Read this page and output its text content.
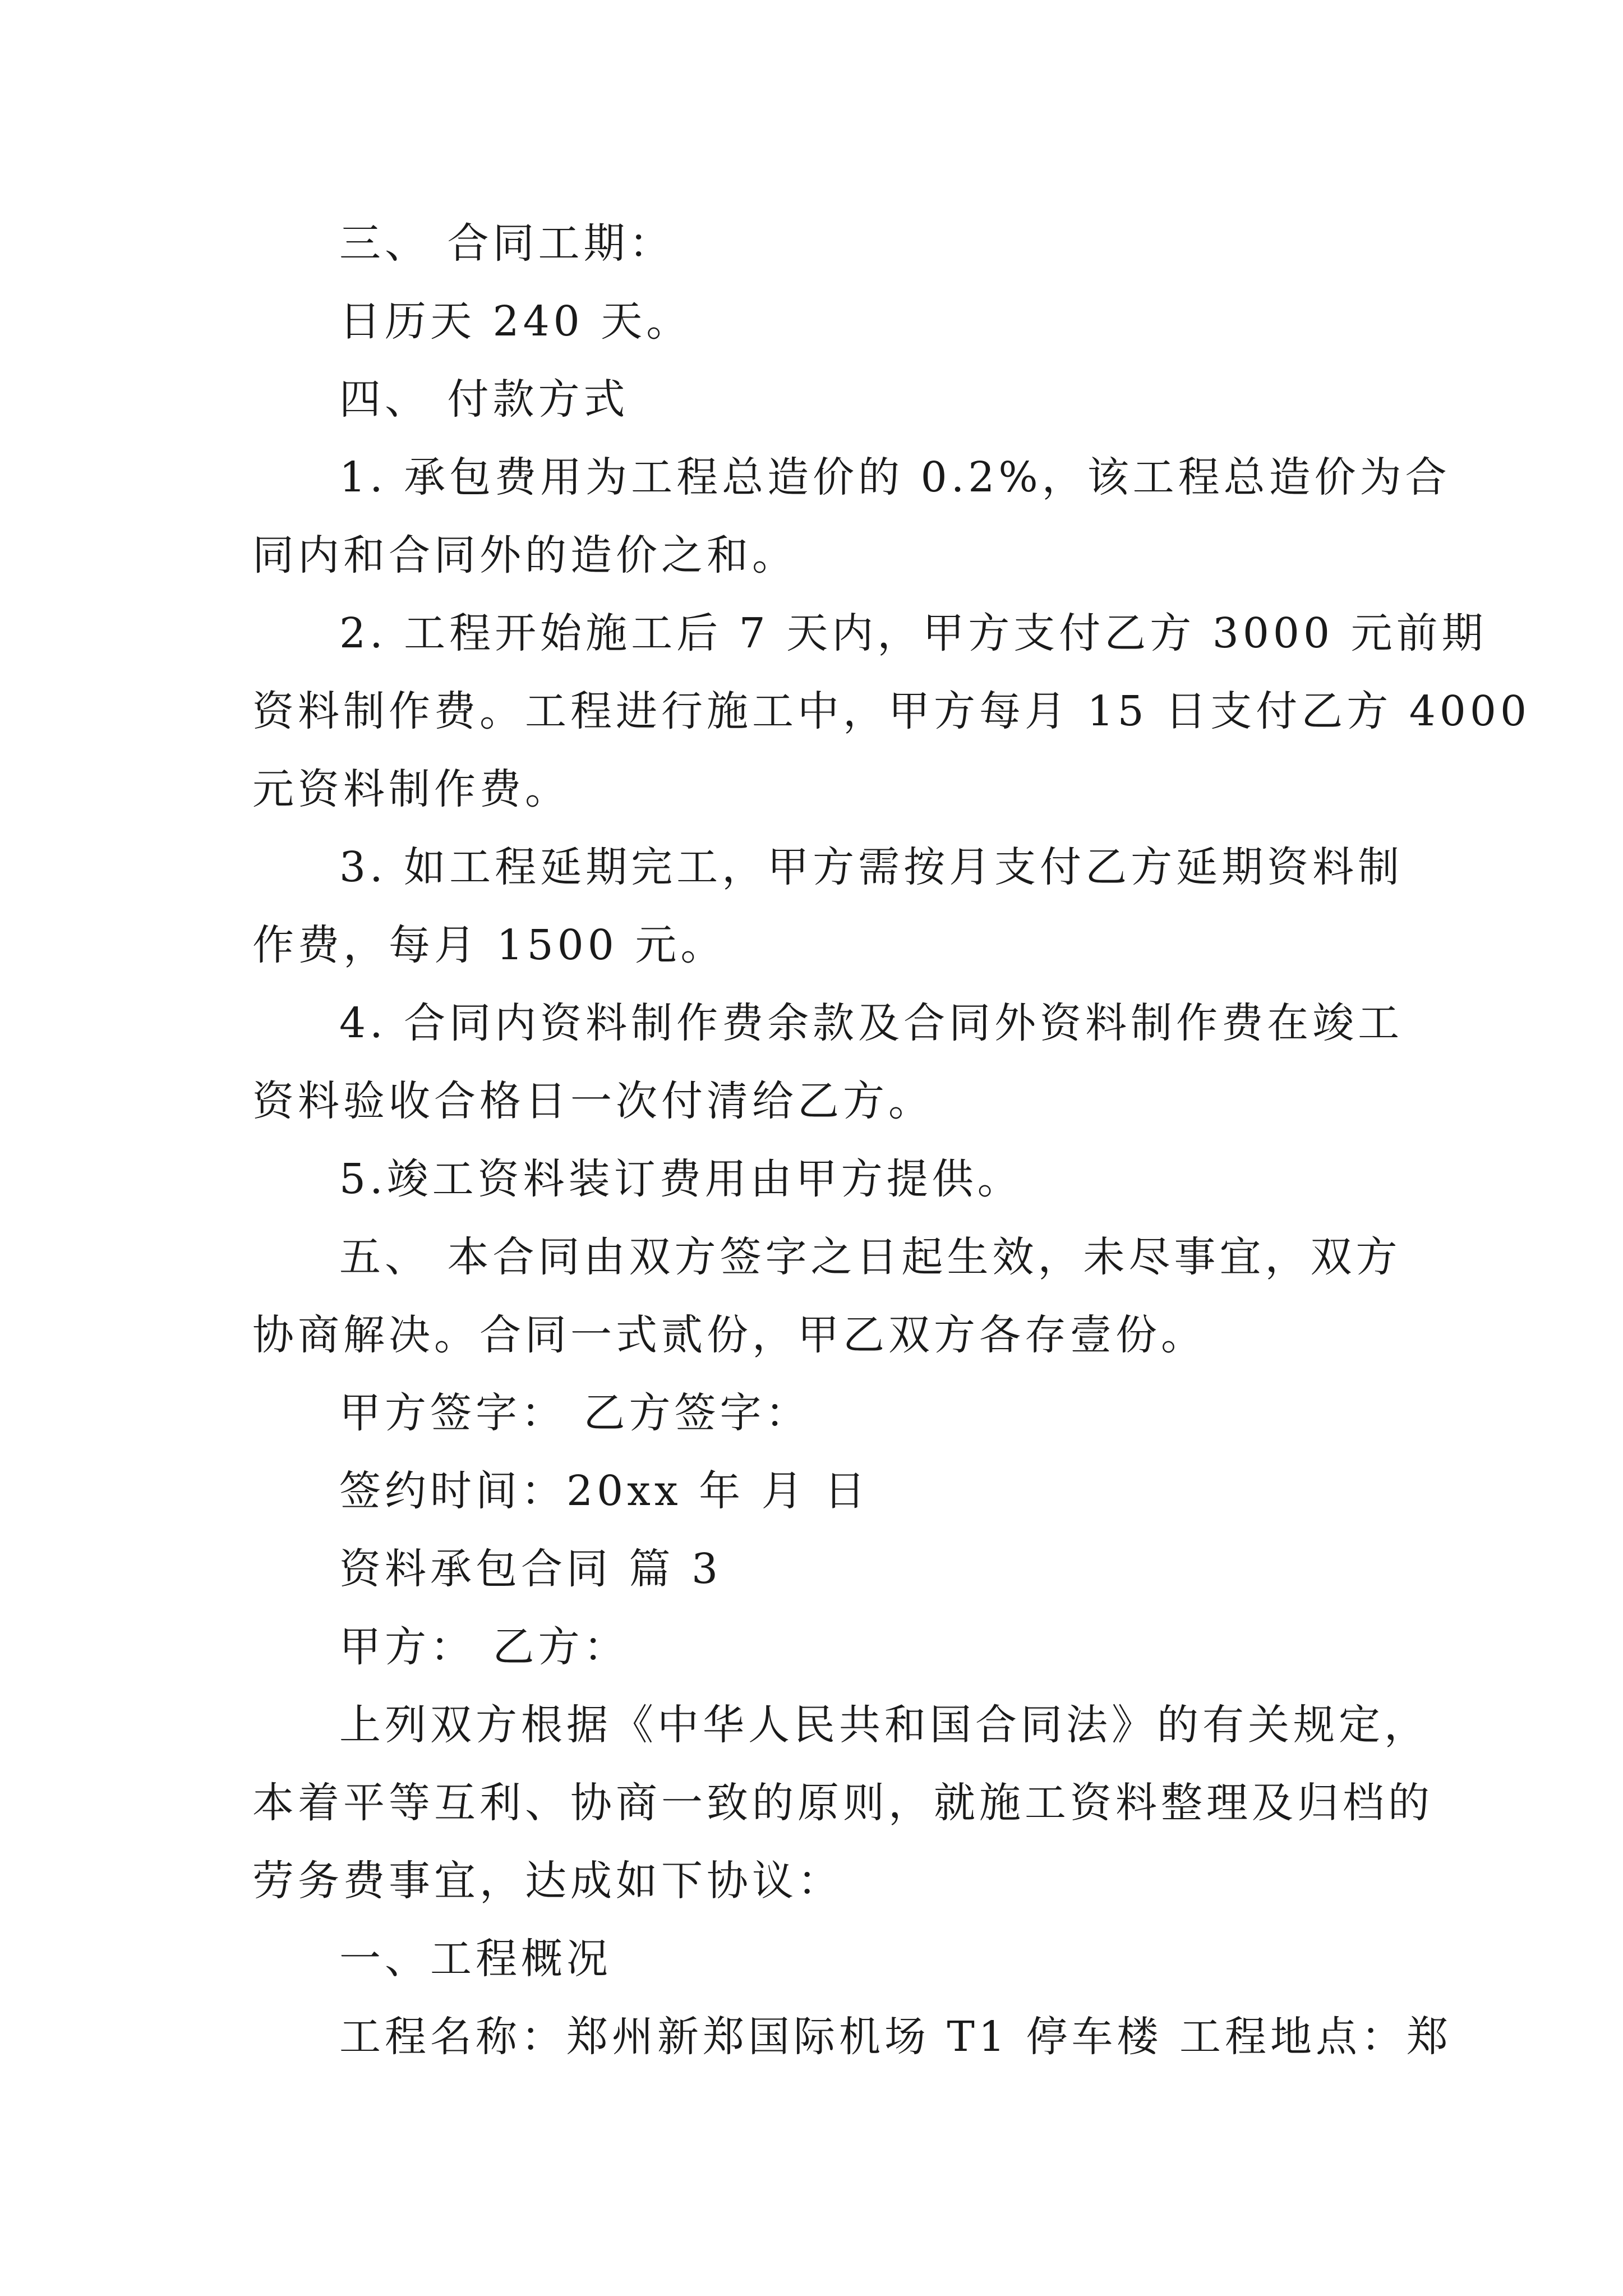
三、 合同工期：
日历天 240 天。
四、 付款方式
1. 承包费用为工程总造价的 0.2%，该工程总造价为合
同内和合同外的造价之和。
2. 工程开始施工后 7 天内，甲方支付乙方 3000 元前期
资料制作费。工程进行施工中，甲方每月 15 日支付乙方 4000
元资料制作费。
3. 如工程延期完工，甲方需按月支付乙方延期资料制
作费，每月 1500 元。
4. 合同内资料制作费余款及合同外资料制作费在竣工
资料验收合格日一次付清给乙方。
5.竣工资料装订费用由甲方提供。
五、 本合同由双方签字之日起生效，未尽事宜，双方
协商解决。合同一式贰份，甲乙双方各存壹份。
甲方签字： 乙方签字：
签约时间：20xx 年 月 日
资料承包合同 篇 3
甲方： 乙方：
上列双方根据《中华人民共和国合同法》的有关规定，
本着平等互利、协商一致的原则，就施工资料整理及归档的
劳务费事宜，达成如下协议：
一、工程概况
工程名称：郑州新郑国际机场 T1 停车楼 工程地点：郑
